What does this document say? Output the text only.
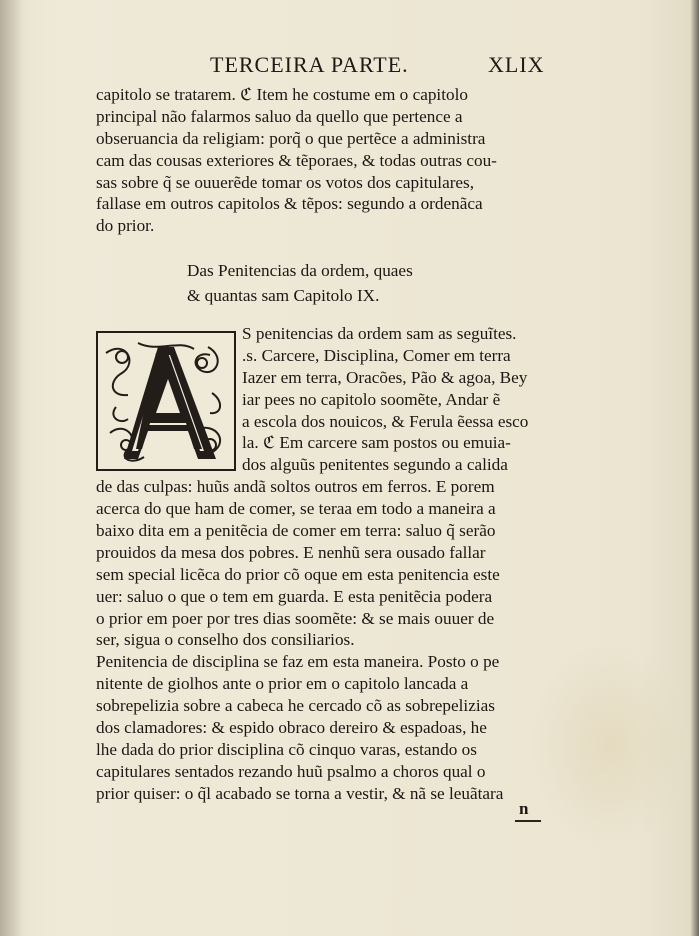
TERCEIRA PARTE.	XLIX
capitolo se tratarem. ℭ Item he costume em o capitolo
principal não falarmos saluo da quello que pertence a
obseruancia da religiam: porq̃ o que pertẽce a administra
cam das cousas exteriores & tẽporaes, & todas outras cou-
sas sobre q̃ se ouuerẽde tomar os votos dos capitulares,
fallase em outros capitolos & tẽpos: segundo a ordenãca
do prior.
Das Penitencias da ordem, quaes
& quantas sam Capitolo IX.
S penitencias da ordem sam as seguĩtes.
.s. Carcere, Disciplina, Comer em terra
Iazer em terra, Oracões, Pão & agoa, Bey
iar pees no capitolo soomẽte, Andar ẽ
a escola dos nouicos, & Ferula ẽessa esco
la. ℭ Em carcere sam postos ou emuia-
dos alguũs penitentes segundo a calida
de das culpas: huũs andã soltos outros em ferros. E porem
acerca do que ham de comer, se teraa em todo a maneira a
baixo dita em a penitẽcia de comer em terra: saluo q̃ serão
prouidos da mesa dos pobres. E nenhũ sera ousado fallar
sem special licẽca do prior cõ oque em esta penitencia este
uer: saluo o que o tem em guarda. E esta penitẽcia podera
o prior em poer por tres dias soomẽte: & se mais ouuer de
ser, sigua o conselho dos consiliarios.
Penitencia de disciplina se faz em esta maneira. Posto o pe
nitente de giolhos ante o prior em o capitolo lancada a
sobrepelizia sobre a cabeca he cercado cõ as sobrepelizias
dos clamadores: & espido obraco dereiro & espadoas, he
lhe dada do prior disciplina cõ cinquo varas, estando os
capitulares sentados rezando huũ psalmo a choros qual o
prior quiser: o q̃l acabado se torna a vestir, & nã se leuãtara
n
